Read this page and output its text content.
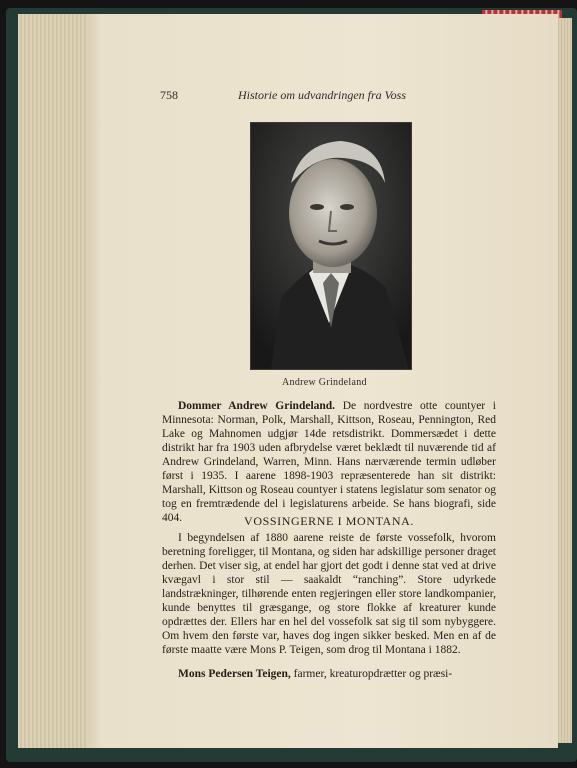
758	Historie om udvandringen fra Voss
Andrew Grindeland

Dommer Andrew Grindeland. De nordvestre otte countyer i Minnesota: Norman, Polk, Marshall, Kittson, Roseau, Pennington, Red Lake og Mahnomen udgjør 14de retsdistrikt. Dommersædet i dette distrikt har fra 1903 uden afbrydelse været beklædt til nuværende tid af Andrew Grindeland, Warren, Minn. Hans nærværende termin udløber først i 1935. I aarene 1898-1903 repræsenterede han sit distrikt: Marshall, Kittson og Roseau countyer i statens legislatur som senator og tog en fremtrædende del i legislaturens arbeide. Se hans biografi, side 404.	VOSSINGERNE I MONTANA.

I begyndelsen af 1880 aarene reiste de første vossefolk, hvorom beretning foreligger, til Montana, og siden har adskillige personer draget derhen. Det viser sig, at endel har gjort det godt i denne stat ved at drive kvægavl i stor stil — saakaldt “ranching”. Store udyrkede landstrækninger, tilhørende enten regjeringen eller store landkompanier, kunde benyttes til græsgange, og store flokke af kreaturer kunde opdrættes der. Ellers har en hel del vossefolk sat sig til som nybyggere. Om hvem den første var, haves dog ingen sikker besked. Men en af de første maatte være Mons P. Teigen, som drog til Montana i 1882.

Mons Pedersen Teigen, farmer, kreaturopdrætter og præsi-
